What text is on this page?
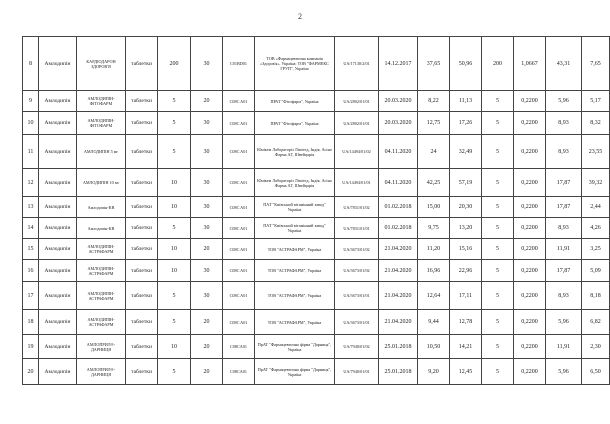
2
8	Амлодипін	КАРДІОДАРОН ЗДОРОВ'Я	таблетки	200	30	C01BD01	ТОВ «Фармацевтична компанія «Здоров'я», Україна; ТОВ "ФАРМЕКС ГРУП", Україна	UA/17130/2/01	14.12.2017	37,65	50,96	200	1,0667	43,31	7,65
9	Амлодипін	АМЛОДИПІН-ФІТОФАРМ	таблетки	5	20	C08C A01	ПРАТ "Фітофарм", Україна	UA/2802/01/01	20.03.2020	8,22	11,13	5	0,2200	5,96	5,17
10	Амлодипін	АМЛОДИПІН-ФІТОФАРМ	таблетки	5	30	C08C A01	ПРАТ "Фітофарм", Україна	UA/2802/01/01	20.03.2020	12,75	17,26	5	0,2200	8,93	8,32
11	Амлодипін	АМЛОДИПІН 5 мг	таблетки	5	30	C08C A01	Юнікем Лабораторіз Лімітед, Індія; Асіно Фарма АГ, Швейцарія	UA/14494/01/02	04.11.2020	24	32,49	5	0,2200	8,93	23,55
12	Амлодипін	АМЛОДИПІН 10 мг	таблетки	10	30	C08C A01	Юнікем Лабораторіз Лімітед, Індія; Асіно Фарма АГ, Швейцарія	UA/14494/01/01	04.11.2020	42,25	57,19	5	0,2200	17,87	39,32
13	Амлодипін	Амлодипін-КВ	таблетки	10	30	C08C A01	ПАТ "Київський вітамінний завод" Україна	UA/7831/01/02	01.02.2018	15,00	20,30	5	0,2200	17,87	2,44
14	Амлодипін	Амлодипін-КВ	таблетки	5	30	C08C A01	ПАТ "Київський вітамінний завод" Україна	UA/7831/01/01	01.02.2018	9,75	13,20	5	0,2200	8,93	4,26
15	Амлодипін	АМЛОДИПІН-АСТРАФАРМ	таблетки	10	20	C08C A01	ТОВ "АСТРАФАРМ", Україна	UA/3673/01/02	21.04.2020	11,20	15,16	5	0,2200	11,91	3,25
16	Амлодипін	АМЛОДИПІН-АСТРАФАРМ	таблетки	10	30	C08C A01	ТОВ "АСТРАФАРМ", Україна	UA/3673/01/02	21.04.2020	16,96	22,96	5	0,2200	17,87	5,09
17	Амлодипін	АМЛОДИПІН-АСТРАФАРМ	таблетки	5	30	C08C A01	ТОВ "АСТРАФАРМ", Україна	UA/3673/01/01	21.04.2020	12,64	17,11	5	0,2200	8,93	8,18
18	Амлодипін	АМЛОДИПІН-АСТРАФАРМ	таблетки	5	20	C08C A01	ТОВ "АСТРАФАРМ", Україна	UA/3673/01/01	21.04.2020	9,44	12,78	5	0,2200	5,96	6,82
19	Амлодипін	АМЛОПРИЛ®-ДАРНИЦЯ	таблетки	10	20	C08CA01	ПрАТ "Фармацевтична фірма "Дарниця", Україна	UA/7940/01/02	25.01.2018	10,50	14,21	5	0,2200	11,91	2,30
20	Амлодипін	АМЛОПРИЛ®-ДАРНИЦЯ	таблетки	5	20	C08CA01	ПрАТ "Фармацевтична фірма "Дарниця", Україна	UA/7940/01/01	25.01.2018	9,20	12,45	5	0,2200	5,96	6,50
